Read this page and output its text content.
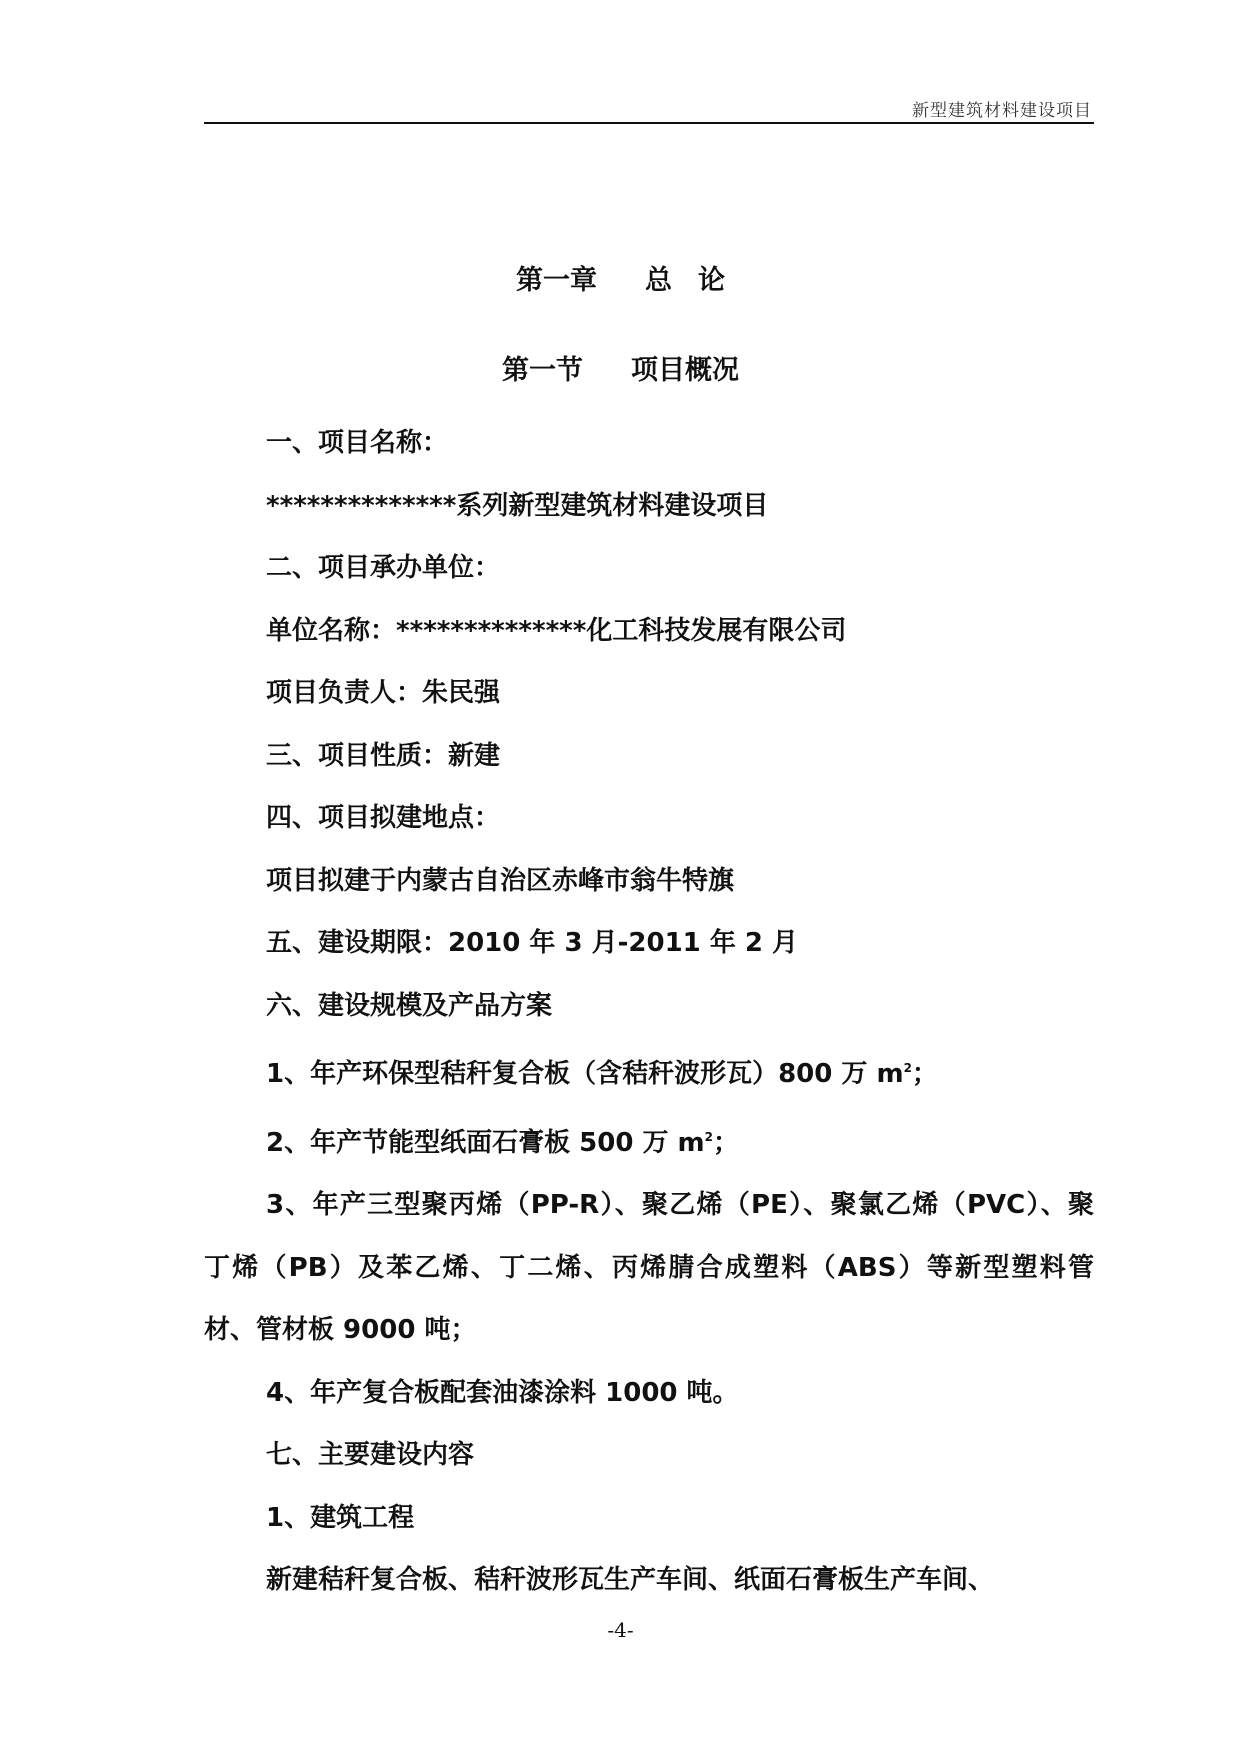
新型建筑材料建设项目
第一章 总 论
第一节 项目概况
一、项目名称：
**************系列新型建筑材料建设项目
二、项目承办单位：
单位名称：**************化工科技发展有限公司
项目负责人：朱民强
三、项目性质：新建
四、项目拟建地点：
项目拟建于内蒙古自治区赤峰市翁牛特旗
五、建设期限：2010 年 3 月-2011 年 2 月
六、建设规模及产品方案
1、年产环保型秸秆复合板（含秸秆波形瓦）800 万 $m^2$；
2、年产节能型纸面石膏板 500 万 $m^2$；
3、年产三型聚丙烯（PP-R）、聚乙烯（PE）、聚氯乙烯（PVC）、聚
丁烯（PB）及苯乙烯、丁二烯、丙烯腈合成塑料（ABS）等新型塑料管
材、管材板 9000 吨；
4、年产复合板配套油漆涂料 1000 吨。
七、主要建设内容
1、建筑工程
新建秸秆复合板、秸秆波形瓦生产车间、纸面石膏板生产车间、
-4-
